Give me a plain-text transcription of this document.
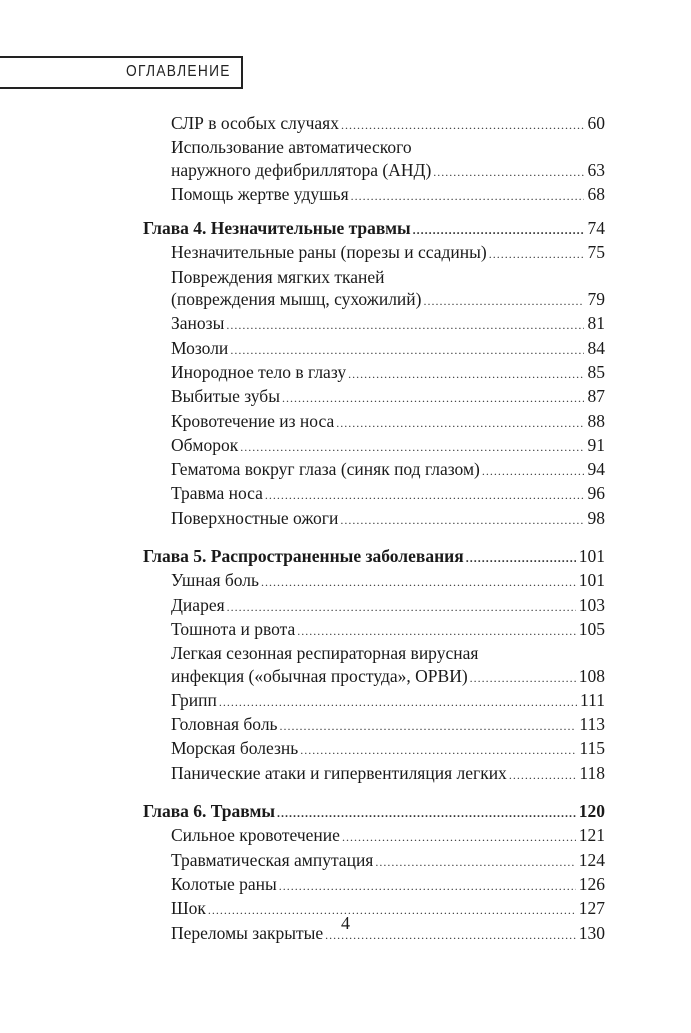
ОГЛАВЛЕНИЕ
СЛР в особых случаях .....	60
Использование автоматического
наружного дефибриллятора (АНД) .....	63
Помощь жертве удушья .....	68
Глава 4. Незначительные травмы .....	74
Незначительные раны (порезы и ссадины) .....	75
Повреждения мягких тканей
(повреждения мышц, сухожилий) .....	79
Занозы .....	81
Мозоли .....	84
Инородное тело в глазу .....	85
Выбитые зубы .....	87
Кровотечение из носа .....	88
Обморок .....	91
Гематома вокруг глаза (синяк под глазом) .....	94
Травма носа .....	96
Поверхностные ожоги .....	98
Глава 5. Распространенные заболевания .....	101
Ушная боль .....	101
Диарея .....	103
Тошнота и рвота .....	105
Легкая сезонная респираторная вирусная
инфекция («обычная простуда», ОРВИ) .....	108
Грипп .....	111
Головная боль .....	113
Морская болезнь .....	115
Панические атаки и гипервентиляция легких .....	118
Глава 6. Травмы .....	120
Сильное кровотечение .....	121
Травматическая ампутация .....	124
Колотые раны .....	126
Шок .....	127
Переломы закрытые .....	130
4
